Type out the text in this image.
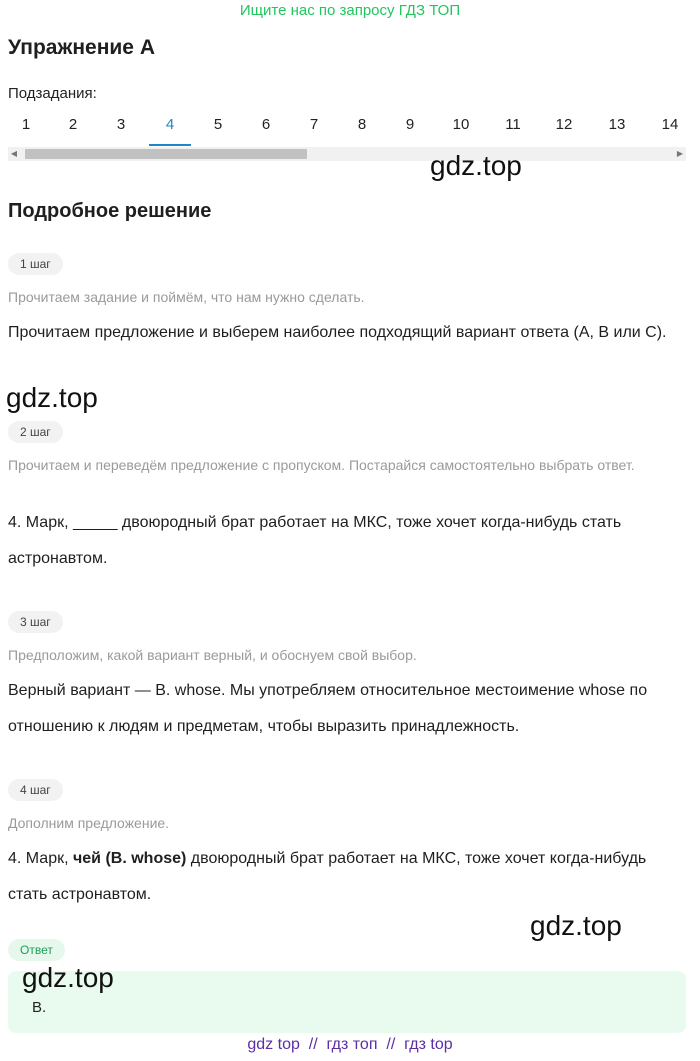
Ищите нас по запросу ГДЗ ТОП
Упражнение A
Подзадания:
1	2	3	4	5	6	7	8	9	10	11	12	13	14
◀	▶
gdz.top
Подробное решение
1 шаг
Прочитаем задание и поймём, что нам нужно сделать.
Прочитаем предложение и выберем наиболее подходящий вариант ответа (А, B или C).
gdz.top
2 шаг
Прочитаем и переведём предложение с пропуском. Постарайся самостоятельно выбрать ответ.
4. Марк, _____ двоюродный брат работает на МКС, тоже хочет когда-нибудь стать астронавтом.
3 шаг
Предположим, какой вариант верный, и обоснуем свой выбор.
Верный вариант — B. whose. Мы употребляем относительное местоимение whose по отношению к людям и предметам, чтобы выразить принадлежность.
4 шаг
Дополним предложение.
4. Марк, чей (B. whose) двоюродный брат работает на МКС, тоже хочет когда-нибудь стать астронавтом.
gdz.top
Ответ
B.
gdz.top
gdz top  //  гдз топ  //  гдз top
